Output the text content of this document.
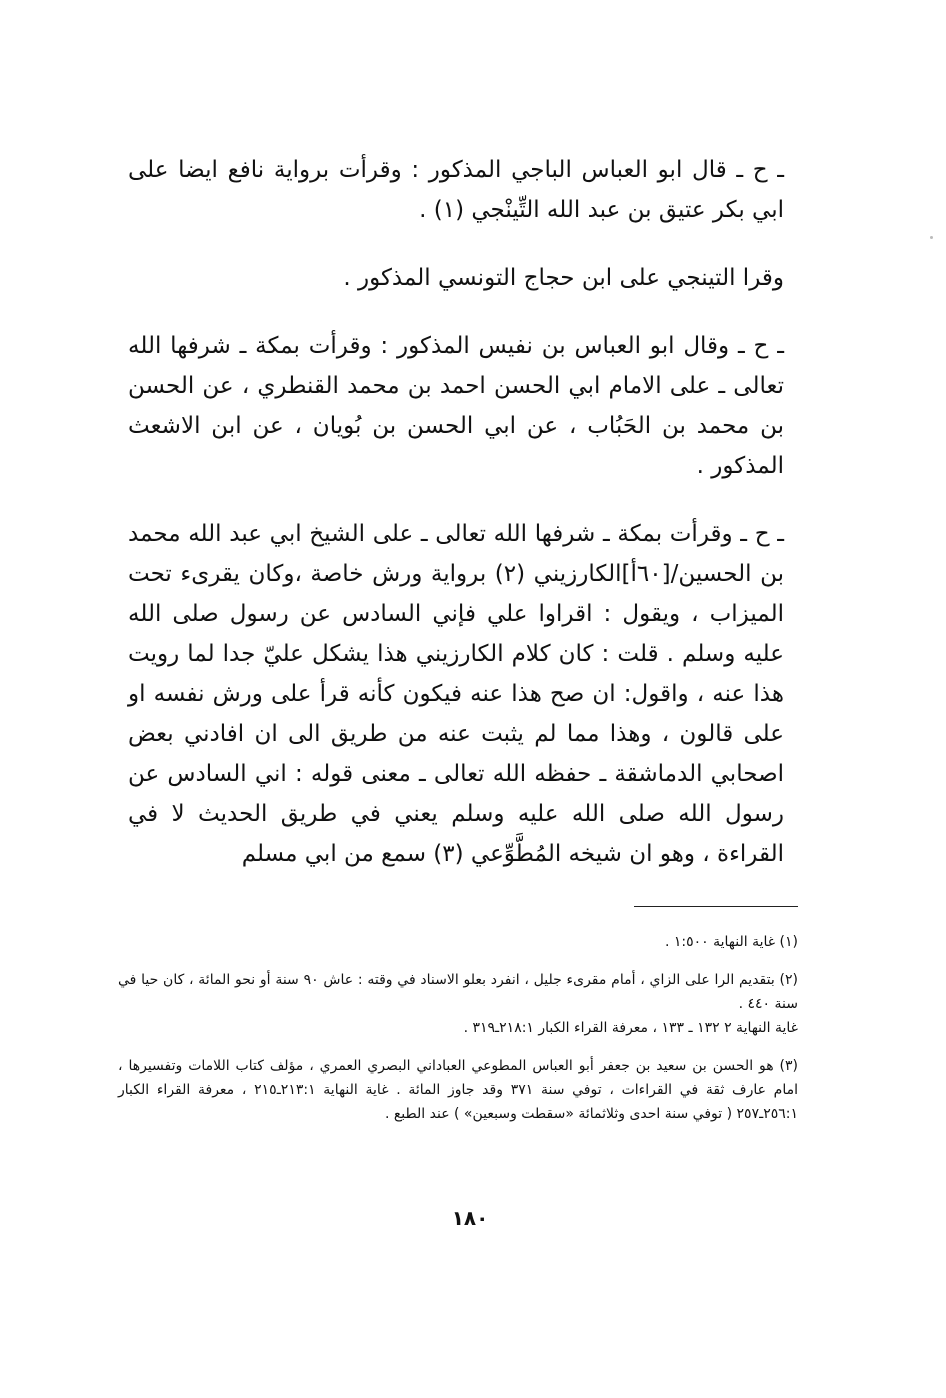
ـ ح ـ قال ابو العباس الباجي المذكور : وقرأت برواية نافع ايضا على ابي بكر عتيق بن عبد الله التِّينْجي (١) .

وقرا التينجي على ابن حجاج التونسي المذكور .

ـ ح ـ وقال ابو العباس بن نفيس المذكور : وقرأت بمكة ـ شرفها الله تعالى ـ على الامام ابي الحسن احمد بن محمد القنطري ، عن الحسن بن محمد بن الحَبُاب ، عن ابي الحسن بن بُويان ، عن ابن الاشعث المذكور .

ـ ح ـ وقرأت بمكة ـ شرفها الله تعالى ـ على الشيخ ابي عبد الله محمد بن الحسين/[٦٠أ]الكارزيني (٢) برواية ورش خاصة ،وكان يقرىء تحت الميزاب ، ويقول : اقراوا علي فإني السادس عن رسول صلى الله عليه وسلم . قلت : كان كلام الكارزيني هذا يشكل عليّ جدا لما رويت هذا عنه ، واقول: ان صح هذا عنه فيكون كأنه قرأ على ورش نفسه او على قالون ، وهذا مما لم يثبت عنه من طريق الى ان افادني بعض اصحابي الدماشقة ـ حفظه الله تعالى ـ معنى قوله : اني السادس عن رسول الله صلى الله عليه وسلم يعني في طريق الحديث لا في القراءة ، وهو ان شيخه المُطَّوِّعي (٣) سمع من ابي مسلم

(١) غاية النهاية ١:٥٠٠ .
(٢) بتقديم الرا على الزاي ، أمام مقرىء جليل ، انفرد بعلو الاسناد في وقته : عاش ٩٠ سنة أو نحو المائة ، كان حيا في سنة ٤٤٠ .
غاية النهاية ٢ ١٣٢ ـ ١٣٣ ، معرفة القراء الكبار ٢١٨:١ـ٣١٩ .
(٣) هو الحسن بن سعيد بن جعفر أبو العباس المطوعي العباداني البصري العمري ، مؤلف كتاب اللامات وتفسيرها ، امام عارف ثقة في القراءات ، توفي سنة ٣٧١ وقد جاوز المائة . غاية النهاية ٢١٣:١ـ٢١٥ ، معرفة القراء الكبار ٢٥٦:١ـ٢٥٧ ( توفي سنة احدى وثلاثمائة «سقطت وسبعين» ) عند الطبع .
١٨٠
